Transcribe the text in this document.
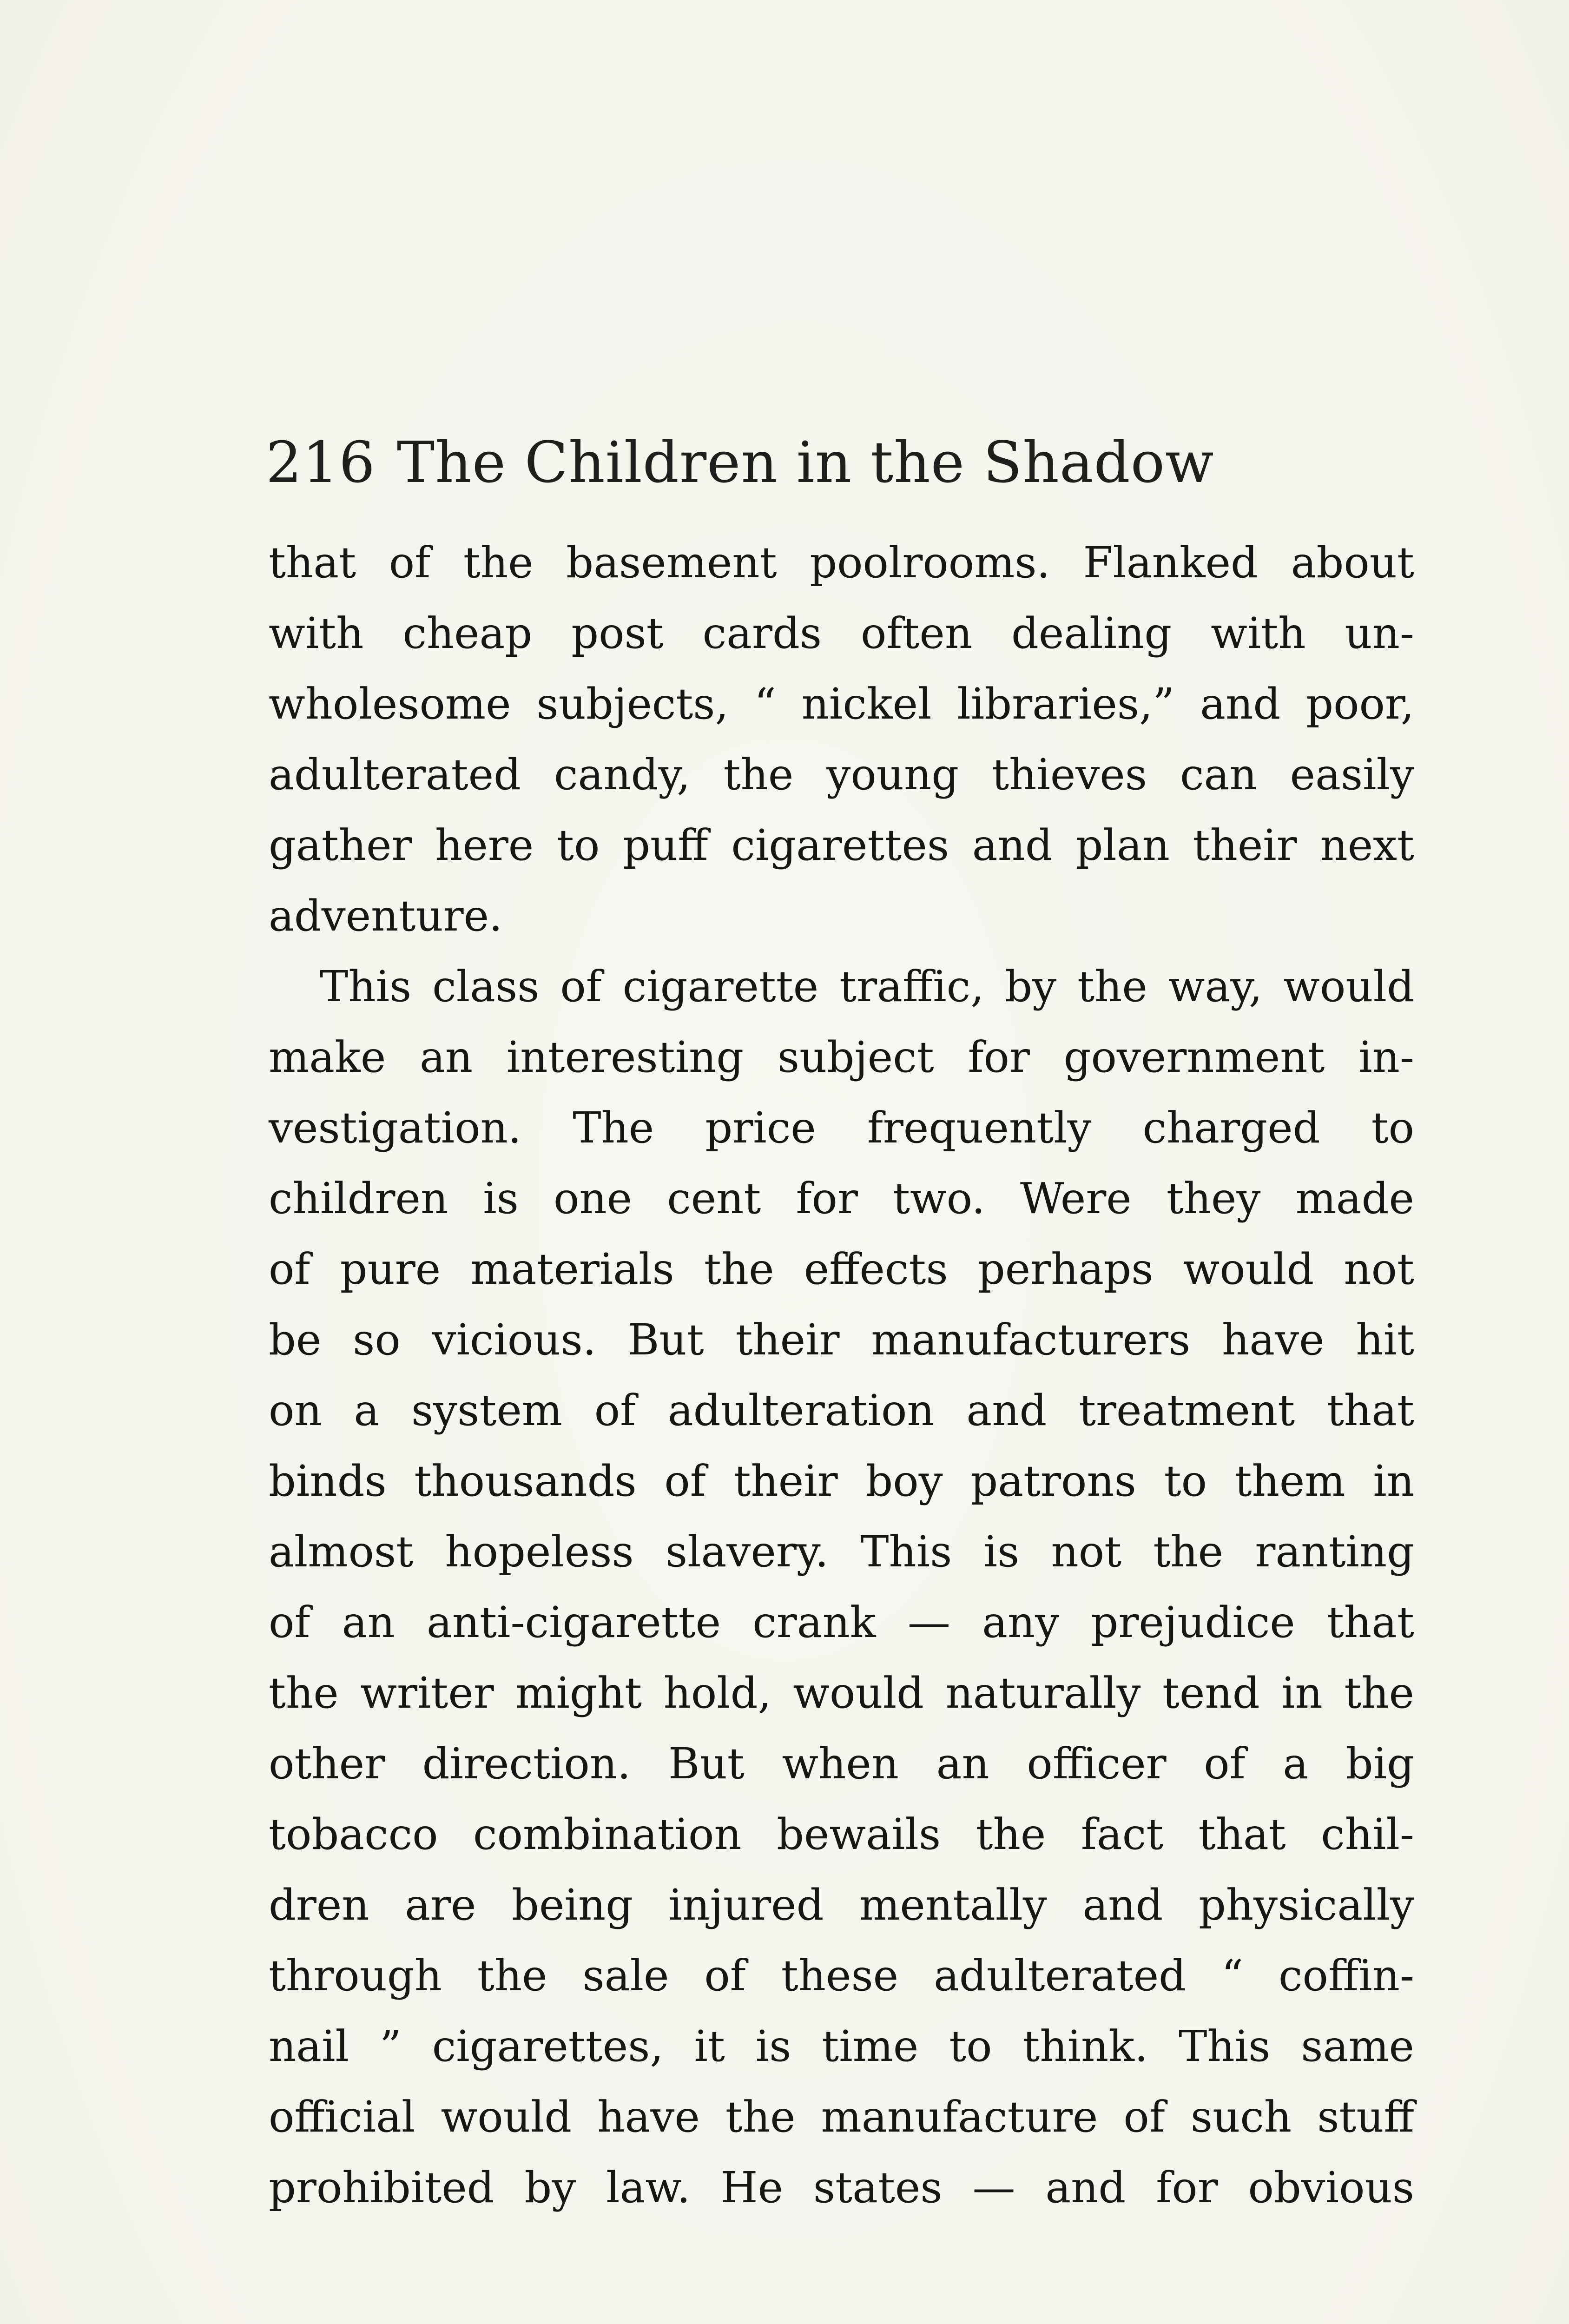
216 The Children in the Shadow
that of the basement poolrooms. Flanked about
with cheap post cards often dealing with un-
wholesome subjects, “ nickel libraries,” and poor,
adulterated candy, the young thieves can easily
gather here to puff cigarettes and plan their next
adventure.
This class of cigarette traffic, by the way, would
make an interesting subject for government in-
vestigation. The price frequently charged to
children is one cent for two. Were they made
of pure materials the effects perhaps would not
be so vicious. But their manufacturers have hit
on a system of adulteration and treatment that
binds thousands of their boy patrons to them in
almost hopeless slavery. This is not the ranting
of an anti-cigarette crank — any prejudice that
the writer might hold, would naturally tend in the
other direction. But when an officer of a big
tobacco combination bewails the fact that chil-
dren are being injured mentally and physically
through the sale of these adulterated “ coffin-
nail ” cigarettes, it is time to think. This same
official would have the manufacture of such stuff
prohibited by law. He states — and for obvious
